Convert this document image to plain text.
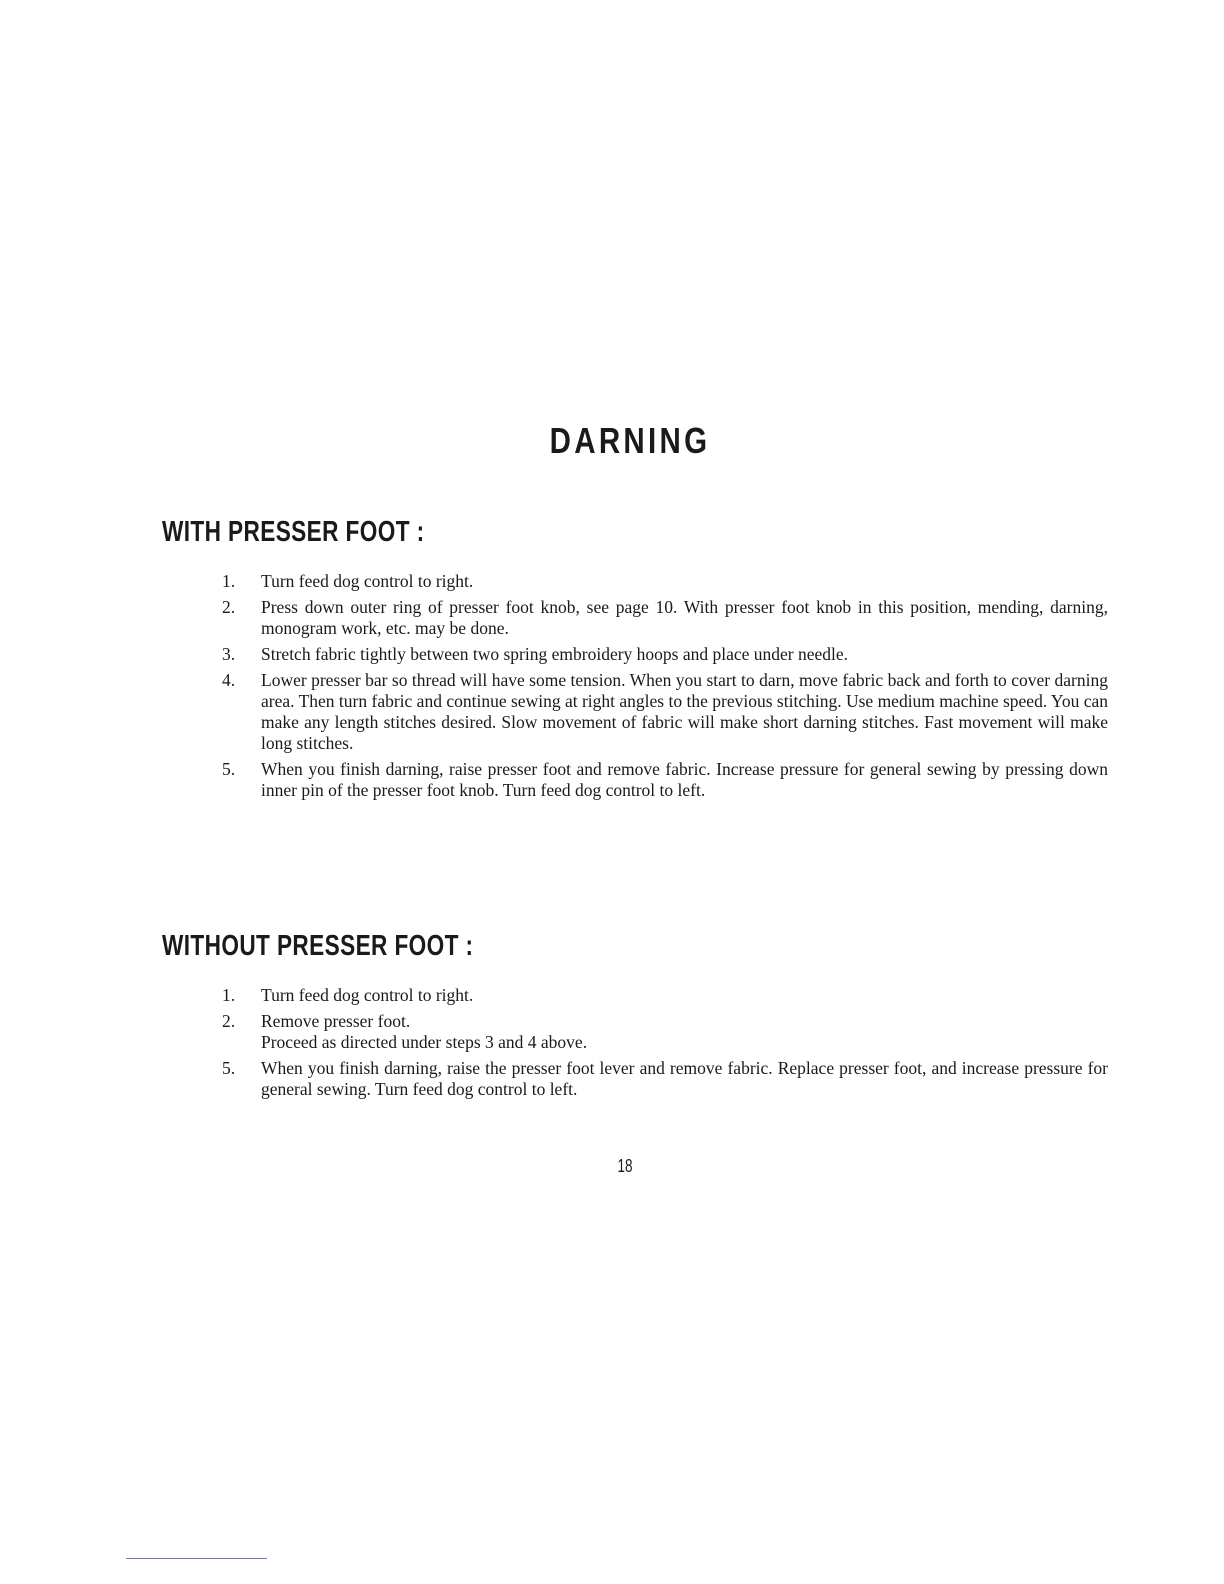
DARNING
WITH PRESSER FOOT :
1.	Turn feed dog control to right.
2.	Press down outer ring of presser foot knob, see page 10. With presser foot knob in this position, mending, darning, monogram work, etc. may be done.
3.	Stretch fabric tightly between two spring embroidery hoops and place under needle.
4.	Lower presser bar so thread will have some tension. When you start to darn, move fabric back and forth to cover darning area. Then turn fabric and continue sewing at right angles to the previous stitching. Use medium machine speed. You can make any length stitches desired. Slow movement of fabric will make short darning stitches. Fast movement will make long stitches.
5.	When you finish darning, raise presser foot and remove fabric. Increase pressure for general sewing by pressing down inner pin of the presser foot knob. Turn feed dog control to left.
WITHOUT PRESSER FOOT :
1.	Turn feed dog control to right.
2.	Remove presser foot.
Proceed as directed under steps 3 and 4 above.
5.	When you finish darning, raise the presser foot lever and remove fabric. Replace presser foot, and increase pressure for general sewing. Turn feed dog control to left.
18
